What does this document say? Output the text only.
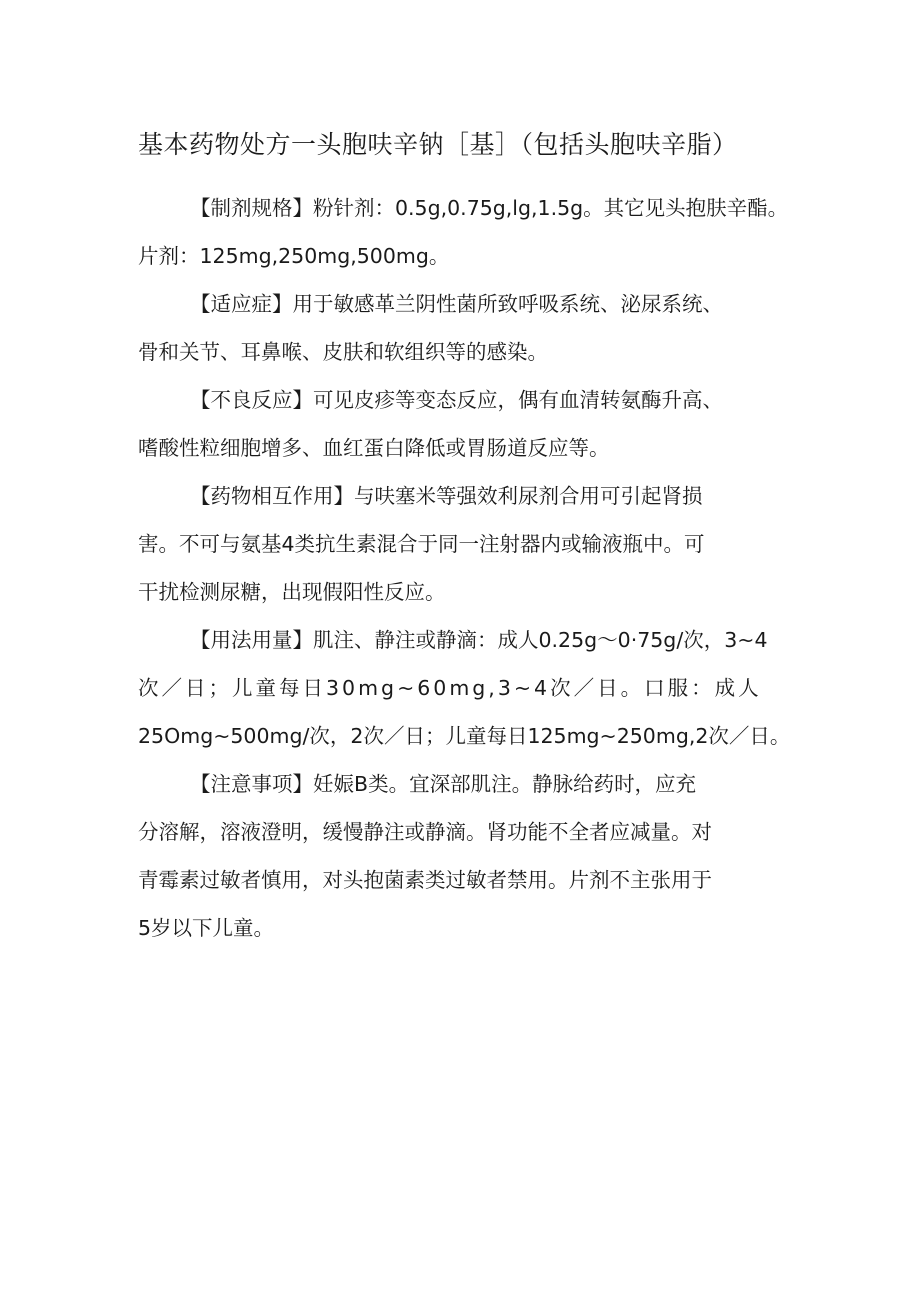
基本药物处方一头胞呋辛钠［基］（包括头胞呋辛脂）
【制剂规格】粉针剂：0.5g,0.75g,lg,1.5g。其它见头抱肤辛酯。
片剂：125mg,250mg,500mg。
【适应症】用于敏感革兰阴性菌所致呼吸系统、泌尿系统、
骨和关节、耳鼻喉、皮肤和软组织等的感染。
【不良反应】可见皮疹等变态反应，偶有血清转氨酶升高、
嗜酸性粒细胞增多、血红蛋白降低或胃肠道反应等。
【药物相互作用】与呋塞米等强效利尿剂合用可引起肾损
害。不可与氨基4类抗生素混合于同一注射器内或输液瓶中。可
干扰检测尿糖，出现假阳性反应。
【用法用量】肌注、静注或静滴：成人0.25g～0·75g∕次，3~4
次／日；儿童每日30mg~60mg,3~4次／日。口服：成人
25Omg~500mg∕次，2次／日；儿童每日125mg~250mg,2次／日。
【注意事项】妊娠B类。宜深部肌注。静脉给药时，应充
分溶解，溶液澄明，缓慢静注或静滴。肾功能不全者应减量。对
青霉素过敏者慎用，对头抱菌素类过敏者禁用。片剂不主张用于
5岁以下儿童。
